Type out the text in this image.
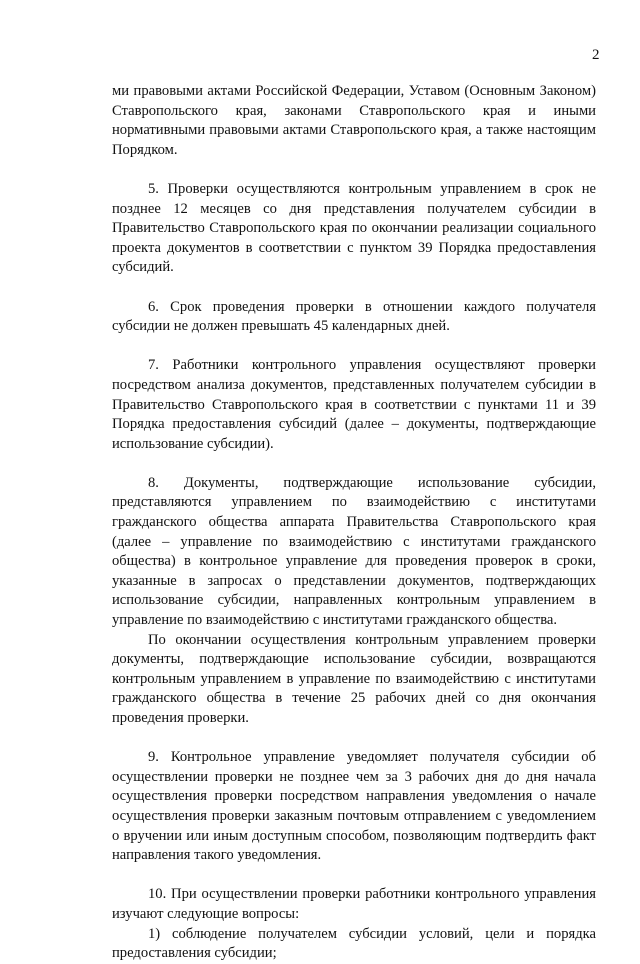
2

ми правовыми актами Российской Федерации, Уставом (Основным Законом) Ставропольского края, законами Ставропольского края и иными нормативными правовыми актами Ставропольского края, а также настоящим Порядком.

5. Проверки осуществляются контрольным управлением в срок не позднее 12 месяцев со дня представления получателем субсидии в Правительство Ставропольского края по окончании реализации социального проекта документов в соответствии с пунктом 39 Порядка предоставления субсидий.

6. Срок проведения проверки в отношении каждого получателя субсидии не должен превышать 45 календарных дней.

7. Работники контрольного управления осуществляют проверки посредством анализа документов, представленных получателем субсидии в Правительство Ставропольского края в соответствии с пунктами 11 и 39 Порядка предоставления субсидий (далее – документы, подтверждающие использование субсидии).

8. Документы, подтверждающие использование субсидии, представляются управлением по взаимодействию с институтами гражданского общества аппарата Правительства Ставропольского края (далее – управление по взаимодействию с институтами гражданского общества) в контрольное управление для проведения проверок в сроки, указанные в запросах о представлении документов, подтверждающих использование субсидии, направленных контрольным управлением в управление по взаимодействию с институтами гражданского общества.

По окончании осуществления контрольным управлением проверки документы, подтверждающие использование субсидии, возвращаются контрольным управлением в управление по взаимодействию с институтами гражданского общества в течение 25 рабочих дней со дня окончания проведения проверки.

9. Контрольное управление уведомляет получателя субсидии об осуществлении проверки не позднее чем за 3 рабочих дня до дня начала осуществления проверки посредством направления уведомления о начале осуществления проверки заказным почтовым отправлением с уведомлением о вручении или иным доступным способом, позволяющим подтвердить факт направления такого уведомления.

10. При осуществлении проверки работники контрольного управления изучают следующие вопросы:

1) соблюдение получателем субсидии условий, цели и порядка предоставления субсидии;
